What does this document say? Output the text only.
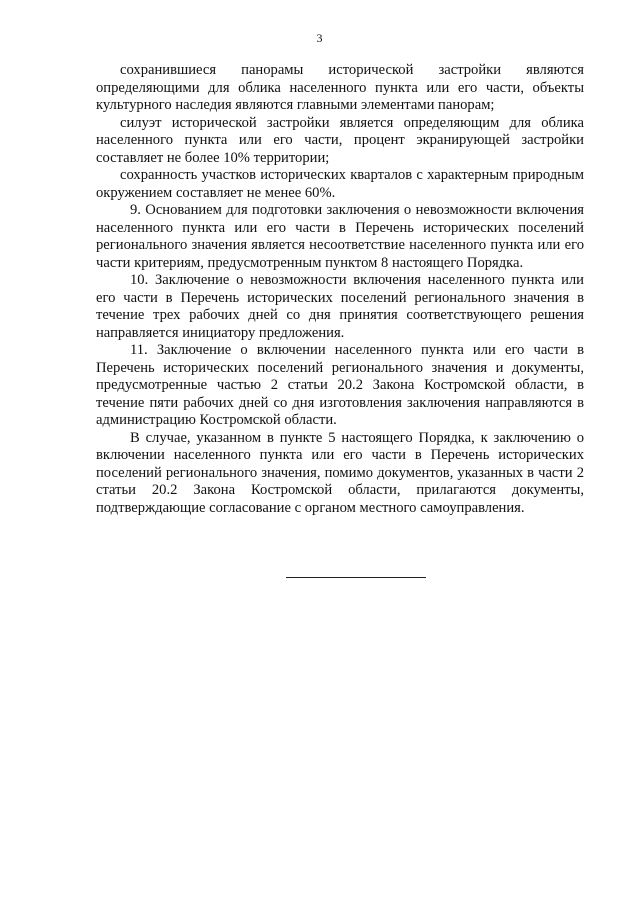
3

сохранившиеся панорамы исторической застройки являются определяющими для облика населенного пункта или его части, объекты культурного наследия являются главными элементами панорам;

силуэт исторической застройки является определяющим для облика населенного пункта или его части, процент экранирующей застройки составляет не более 10% территории;

сохранность участков исторических кварталов с характерным природным окружением составляет не менее 60%.

9. Основанием для подготовки заключения о невозможности включения населенного пункта или его части в Перечень исторических поселений регионального значения является несоответствие населенного пункта или его части критериям, предусмотренным пунктом 8 настоящего Порядка.

10. Заключение о невозможности включения населенного пункта или его части в Перечень исторических поселений регионального значения в течение трех рабочих дней со дня принятия соответствующего решения направляется инициатору предложения.

11. Заключение о включении населенного пункта или его части в Перечень исторических поселений регионального значения и документы, предусмотренные частью 2 статьи 20.2 Закона Костромской области, в течение пяти рабочих дней со дня изготовления заключения направляются в администрацию Костромской области.

В случае, указанном в пункте 5 настоящего Порядка, к заключению о включении населенного пункта или его части в Перечень исторических поселений регионального значения, помимо документов, указанных в части 2 статьи 20.2 Закона Костромской области, прилагаются документы, подтверждающие согласование с органом местного самоуправления.
